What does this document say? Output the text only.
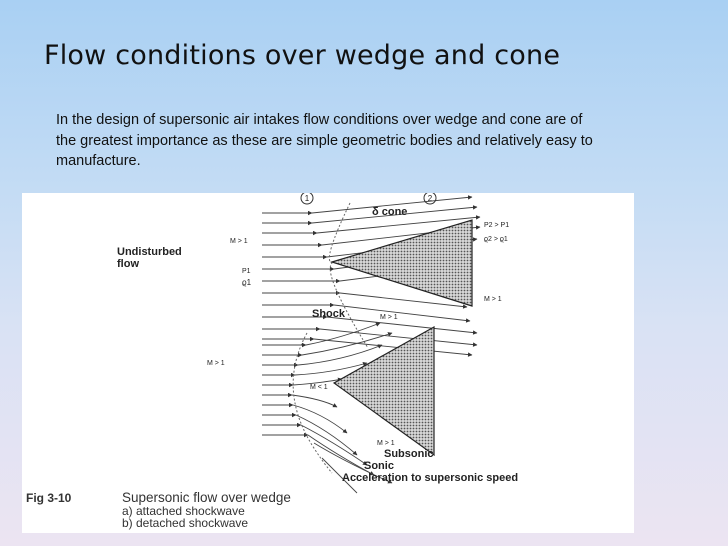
Flow conditions over wedge and cone
In the design of supersonic air intakes flow conditions over wedge and cone are of the greatest importance as these are simple geometric bodies and relatively easy to manufacture.
1	2
δ cone
Undisturbed
flow
M > 1
P1
ϱ1
P2 > P1
ϱ2 > ϱ1
M > 1
Shock
M > 1
M > 1
M < 1
M > 1
Subsonic
Sonic
Acceleration to supersonic speed
Fig 3-10	Supersonic flow over wedge
a) attached shockwave
b) detached shockwave
